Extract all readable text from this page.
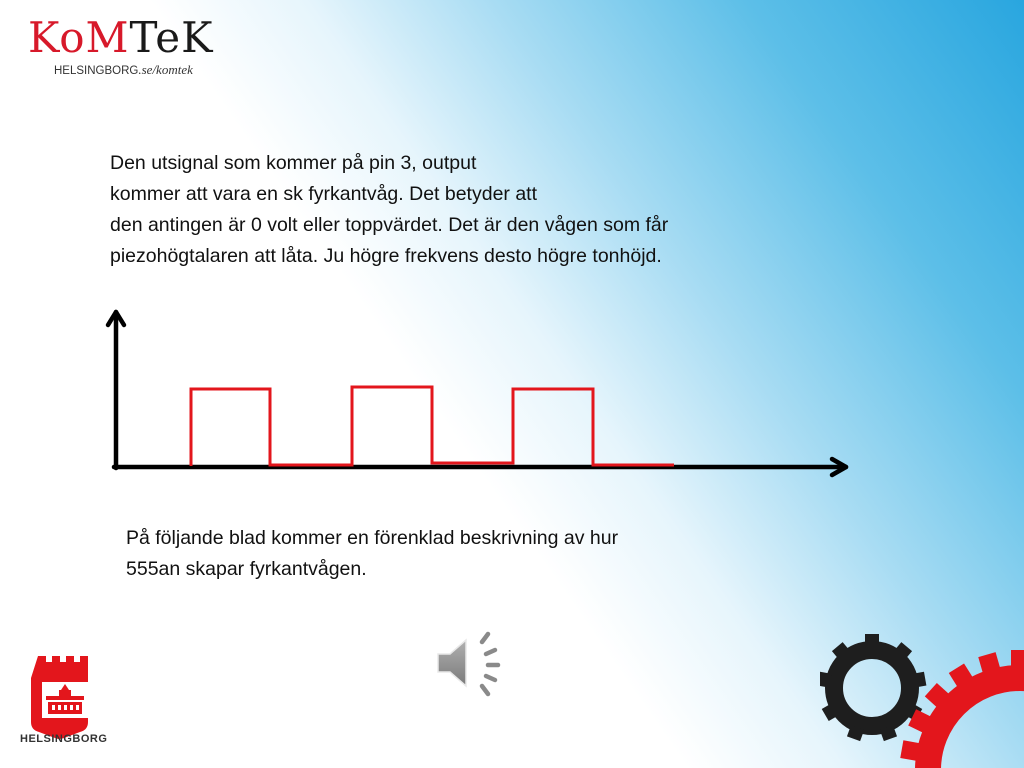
KoMTeK
HELSINGBORG.se/komtek
Den utsignal som kommer på pin 3, output
kommer att vara en sk fyrkantvåg. Det betyder att
den antingen är 0 volt eller toppvärdet. Det är den vågen som får
piezohögtalaren att låta. Ju högre frekvens desto högre tonhöjd.
På följande blad kommer en förenklad beskrivning av hur
555an skapar fyrkantvågen.
HELSINGBORG
